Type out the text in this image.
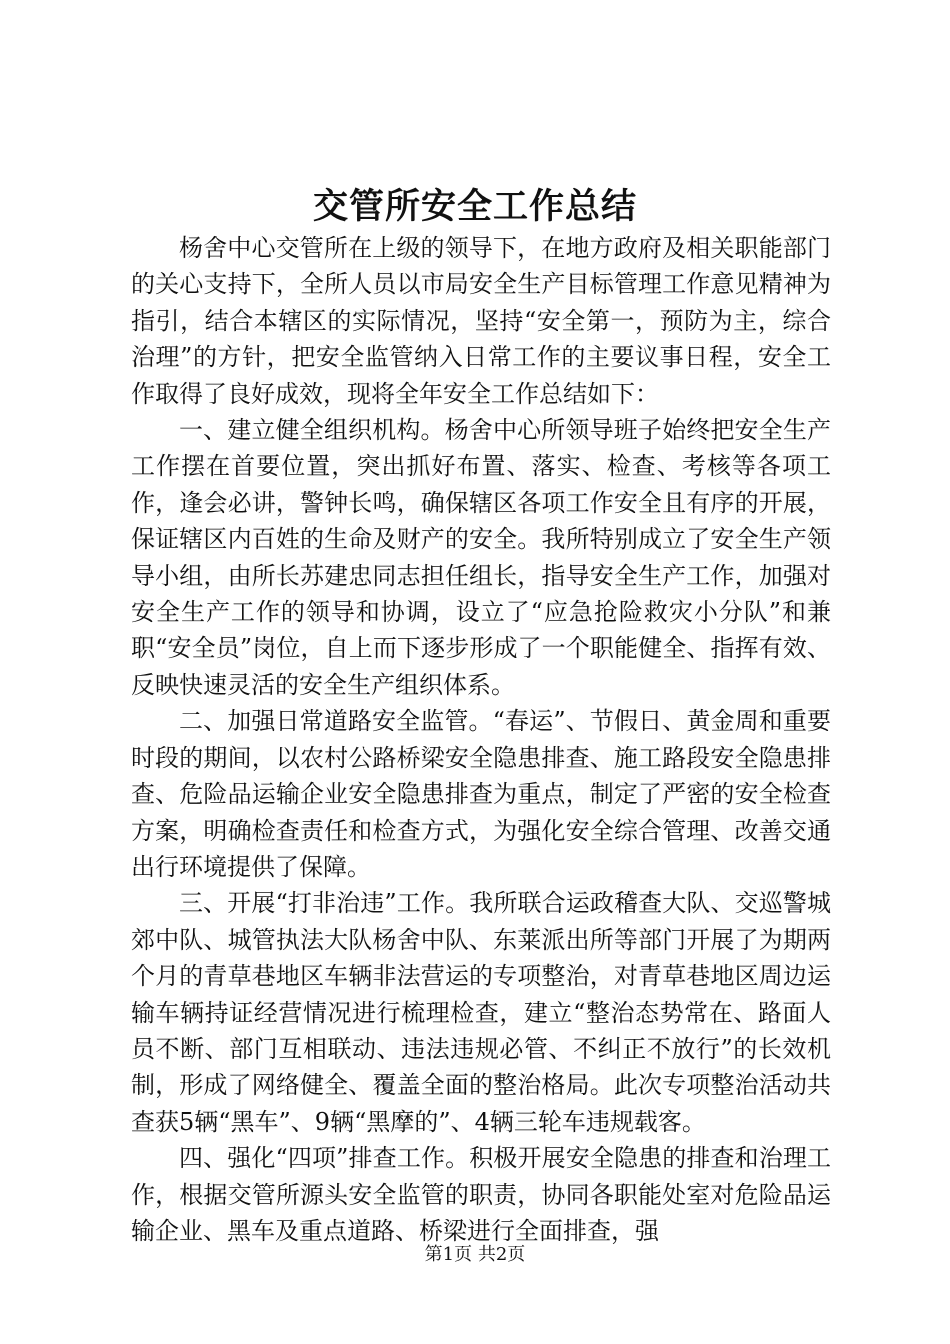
交管所安全工作总结

杨舍中心交管所在上级的领导下，在地方政府及相关职能部门的关心支持下，全所人员以市局安全生产目标管理工作意见精神为指引，结合本辖区的实际情况，坚持“安全第一，预防为主，综合治理”的方针，把安全监管纳入日常工作的主要议事日程，安全工作取得了良好成效，现将全年安全工作总结如下：

一、建立健全组织机构。杨舍中心所领导班子始终把安全生产工作摆在首要位置，突出抓好布置、落实、检查、考核等各项工作，逢会必讲，警钟长鸣，确保辖区各项工作安全且有序的开展，保证辖区内百姓的生命及财产的安全。我所特别成立了安全生产领导小组，由所长苏建忠同志担任组长，指导安全生产工作，加强对安全生产工作的领导和协调，设立了“应急抢险救灾小分队”和兼职“安全员”岗位，自上而下逐步形成了一个职能健全、指挥有效、反映快速灵活的安全生产组织体系。

二、加强日常道路安全监管。“春运”、节假日、黄金周和重要时段的期间，以农村公路桥梁安全隐患排查、施工路段安全隐患排查、危险品运输企业安全隐患排查为重点，制定了严密的安全检查方案，明确检查责任和检查方式，为强化安全综合管理、改善交通出行环境提供了保障。

三、开展“打非治违”工作。我所联合运政稽查大队、交巡警城郊中队、城管执法大队杨舍中队、东莱派出所等部门开展了为期两个月的青草巷地区车辆非法营运的专项整治，对青草巷地区周边运输车辆持证经营情况进行梳理检查，建立“整治态势常在、路面人员不断、部门互相联动、违法违规必管、不纠正不放行”的长效机制，形成了网络健全、覆盖全面的整治格局。此次专项整治活动共查获5辆“黑车”、9辆“黑摩的”、4辆三轮车违规载客。

四、强化“四项”排查工作。积极开展安全隐患的排查和治理工作，根据交管所源头安全监管的职责，协同各职能处室对危险品运输企业、黑车及重点道路、桥梁进行全面排查，强

第1页 共2页
